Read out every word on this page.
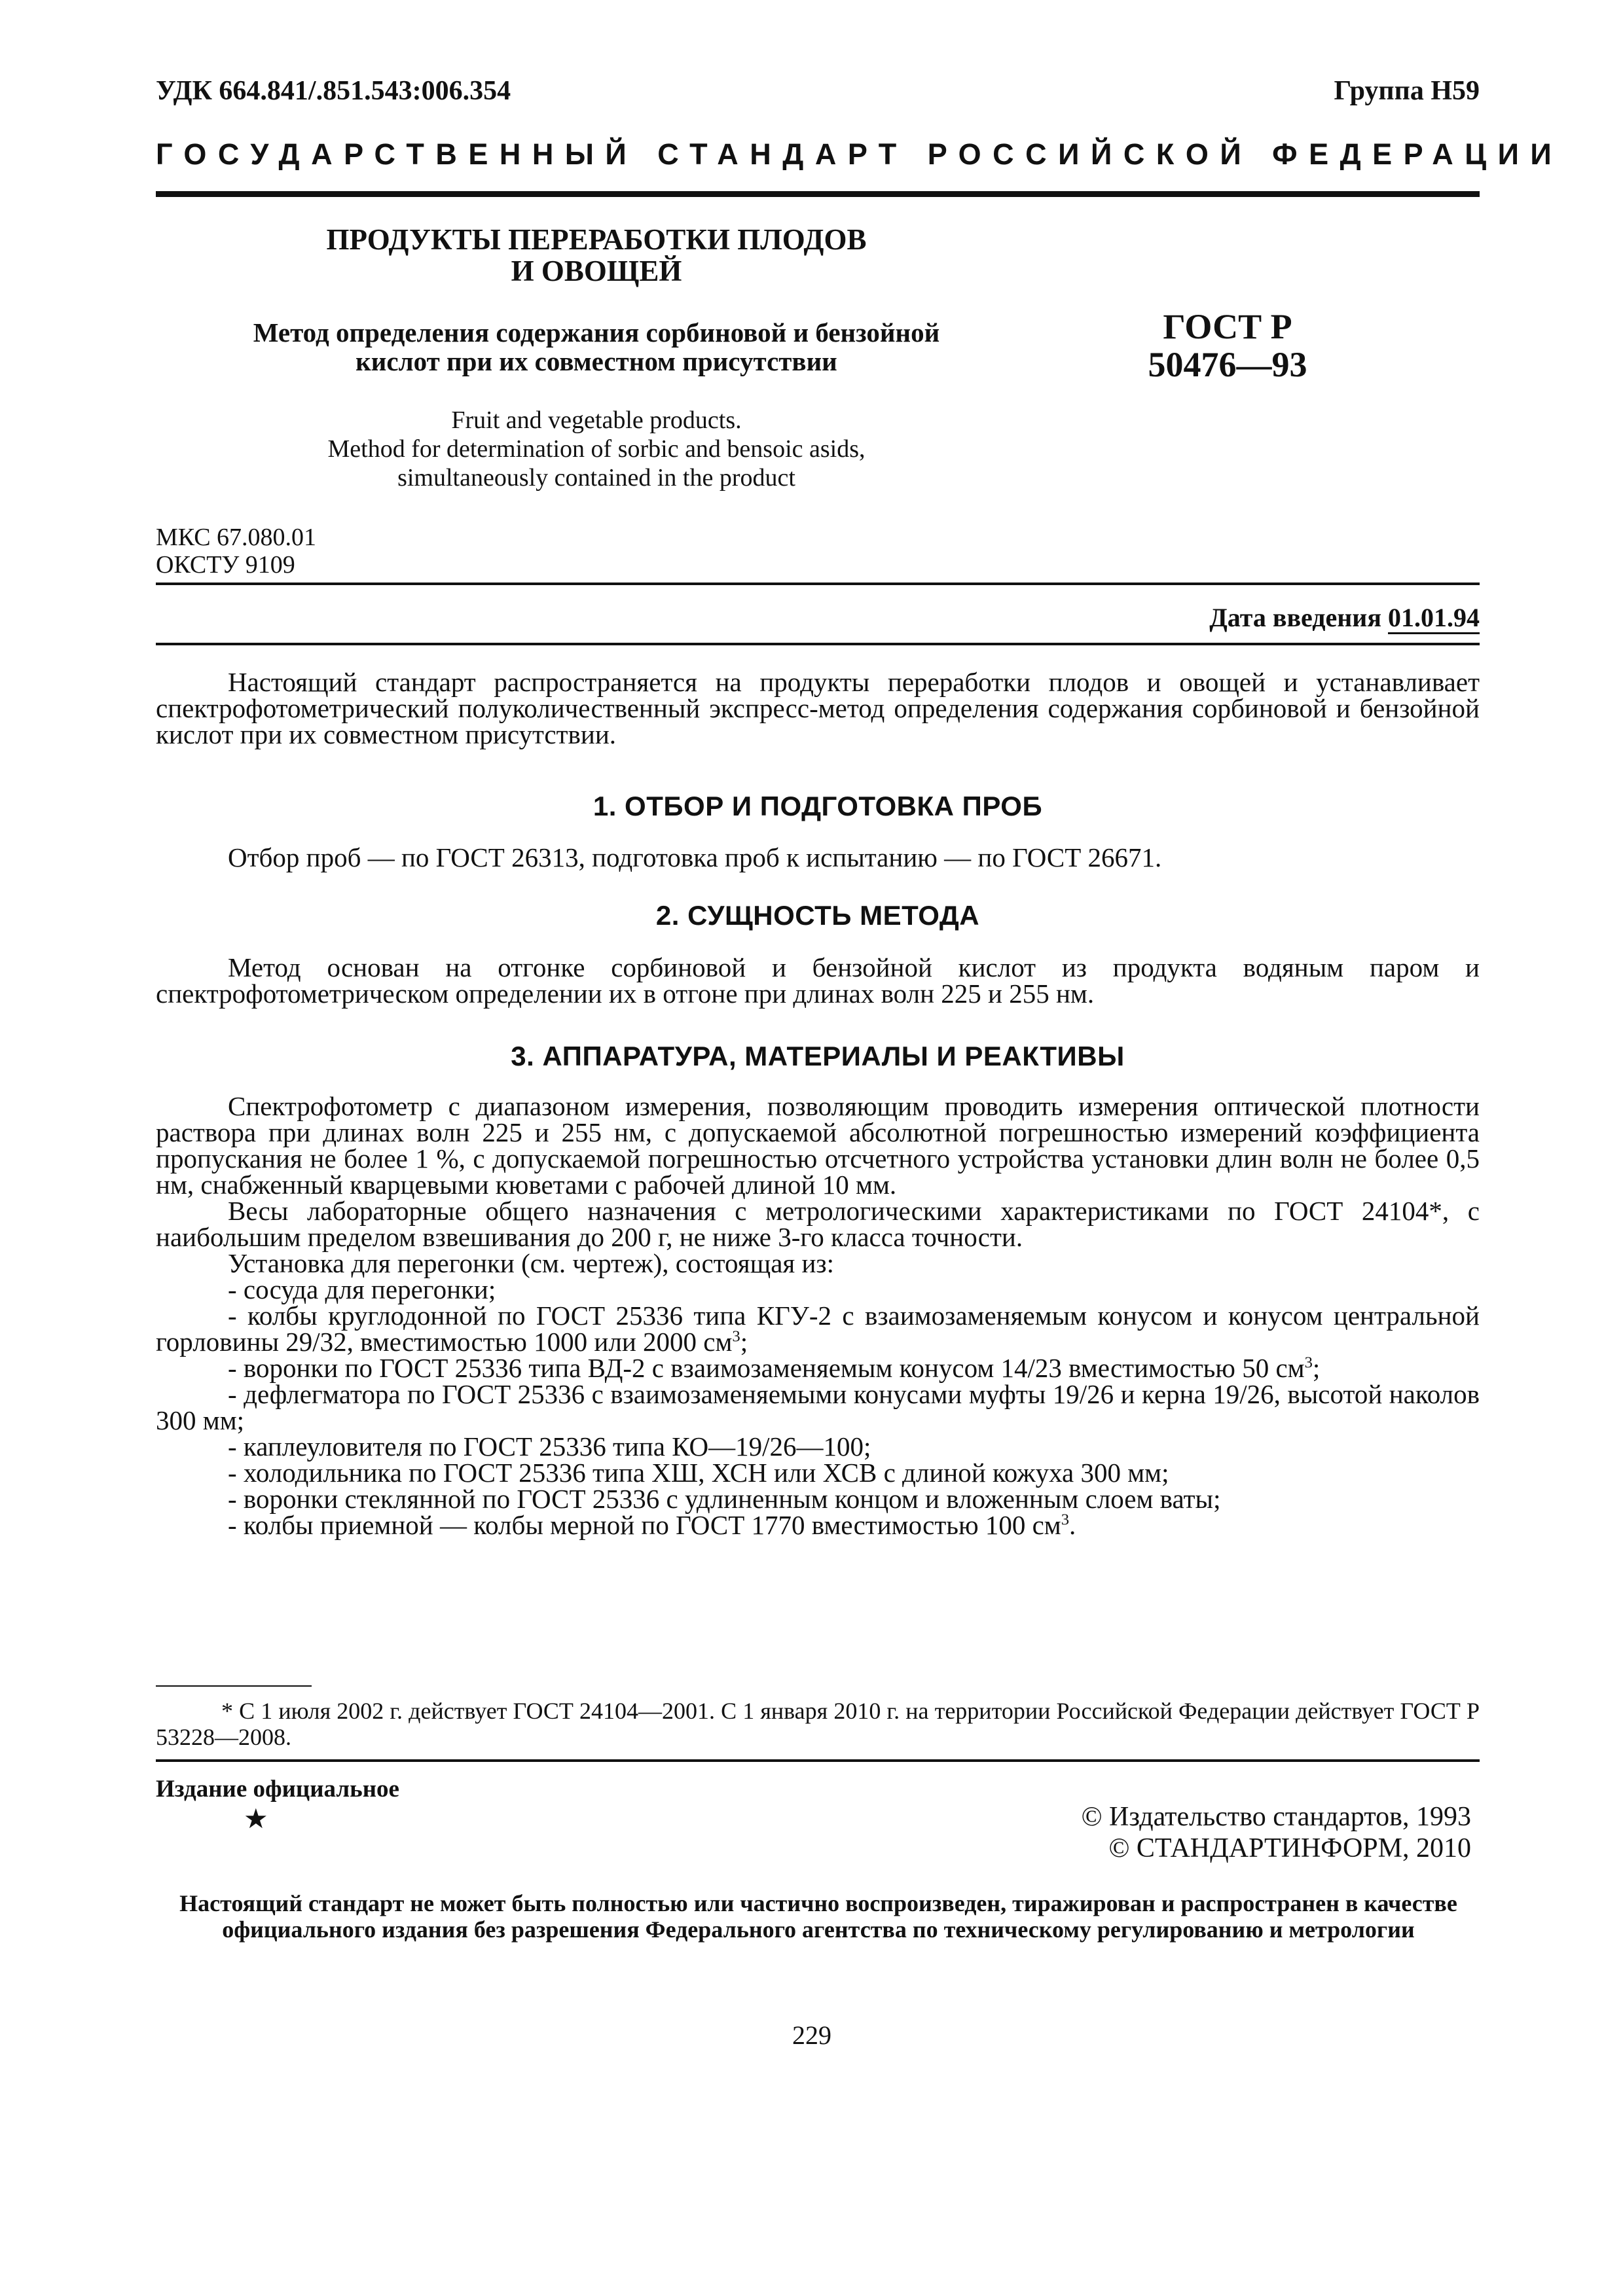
УДК 664.841/.851.543:006.354	Группа Н59
ГОСУДАРСТВЕННЫЙ СТАНДАРТ РОССИЙСКОЙ ФЕДЕРАЦИИ
ПРОДУКТЫ ПЕРЕРАБОТКИ ПЛОДОВ
И ОВОЩЕЙ
Метод определения содержания сорбиновой и бензойной
кислот при их совместном присутствии
Fruit and vegetable products.
Method for determination of sorbic and bensoic asids,
simultaneously contained in the product
ГОСТ Р
50476—93
МКС 67.080.01
ОКСТУ 9109
Дата введения 01.01.94

Настоящий стандарт распространяется на продукты переработки плодов и овощей и устанавливает спектрофотометрический полуколичественный экспресс-метод определения содержания сорбиновой и бензойной кислот при их совместном присутствии.

1. ОТБОР И ПОДГОТОВКА ПРОБ

Отбор проб — по ГОСТ 26313, подготовка проб к испытанию — по ГОСТ 26671.

2. СУЩНОСТЬ МЕТОДА

Метод основан на отгонке сорбиновой и бензойной кислот из продукта водяным паром и спектрофотометрическом определении их в отгоне при длинах волн 225 и 255 нм.

3. АППАРАТУРА, МАТЕРИАЛЫ И РЕАКТИВЫ

Спектрофотометр с диапазоном измерения, позволяющим проводить измерения оптической плотности раствора при длинах волн 225 и 255 нм, с допускаемой абсолютной погрешностью измерений коэффициента пропускания не более 1 %, с допускаемой погрешностью отсчетного устройства установки длин волн не более 0,5 нм, снабженный кварцевыми кюветами с рабочей длиной 10 мм.

Весы лабораторные общего назначения с метрологическими характеристиками по ГОСТ 24104*, с наибольшим пределом взвешивания до 200 г, не ниже 3-го класса точности.

Установка для перегонки (см. чертеж), состоящая из:

- сосуда для перегонки;

- колбы круглодонной по ГОСТ 25336 типа КГУ-2 с взаимозаменяемым конусом и конусом центральной горловины 29/32, вместимостью 1000 или 2000 $см^3$;

- воронки по ГОСТ 25336 типа ВД-2 с взаимозаменяемым конусом 14/23 вместимостью 50 $см^3$;

- дефлегматора по ГОСТ 25336 с взаимозаменяемыми конусами муфты 19/26 и керна 19/26, высотой наколов 300 мм;

- каплеуловителя по ГОСТ 25336 типа КО—19/26—100;

- холодильника по ГОСТ 25336 типа ХШ, ХСН или ХСВ с длиной кожуха 300 мм;

- воронки стеклянной по ГОСТ 25336 с удлиненным концом и вложенным слоем ваты;

- колбы приемной — колбы мерной по ГОСТ 1770 вместимостью 100 $см^3$.

* С 1 июля 2002 г. действует ГОСТ 24104—2001. С 1 января 2010 г. на территории Российской Федерации действует ГОСТ Р 53228—2008.
Издание официальное
★	© Издательство стандартов, 1993
© СТАНДАРТИНФОРМ, 2010
Настоящий стандарт не может быть полностью или частично воспроизведен, тиражирован и распространен в качестве официального издания без разрешения Федерального агентства по техническому регулированию и метрологии
229
